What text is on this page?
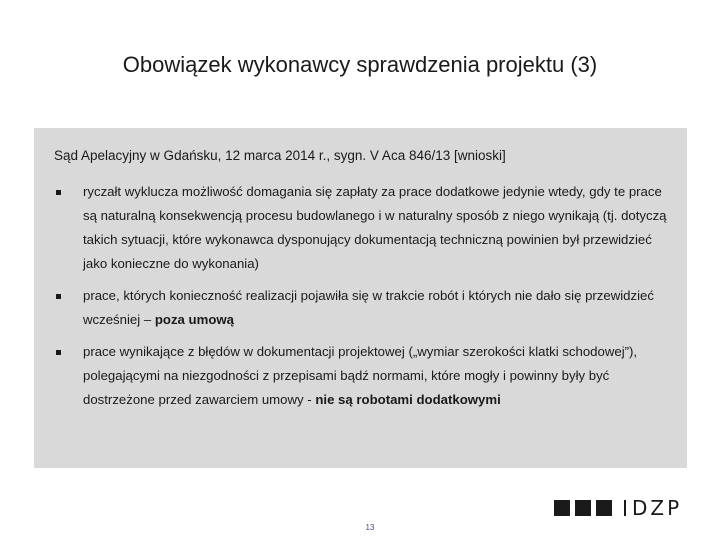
Obowiązek wykonawcy sprawdzenia projektu (3)
Sąd Apelacyjny w Gdańsku, 12 marca 2014 r., sygn. V Aca 846/13 [wnioski]
ryczałt wyklucza możliwość domagania się zapłaty za prace dodatkowe jedynie wtedy, gdy te prace są naturalną konsekwencją procesu budowlanego i w naturalny sposób z niego wynikają (tj. dotyczą takich sytuacji, które wykonawca dysponujący dokumentacją techniczną powinien był przewidzieć jako konieczne do wykonania)
prace, których konieczność realizacji pojawiła się w trakcie robót i których nie dało się przewidzieć wcześniej – poza umową
prace wynikające z błędów w dokumentacji projektowej („wymiar szerokości klatki schodowej”), polegającymi na niezgodności z przepisami bądź normami, które mogły i powinny były być dostrzeżone przed zawarciem umowy - nie są robotami dodatkowymi
DZP
13
